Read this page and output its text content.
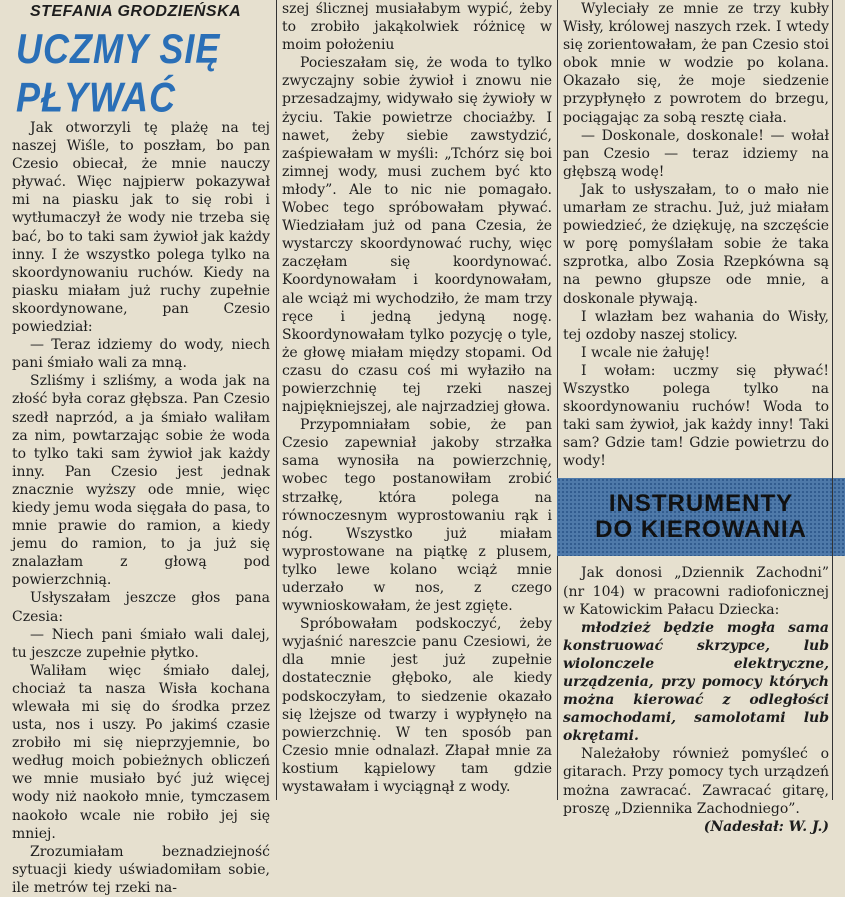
STEFANIA GRODZIEŃSKA
UCZMY SIĘ PŁYWAĆ

Jak otworzyli tę plażę na tej naszej Wiśle, to poszłam, bo pan Czesio obiecał, że mnie nauczy pływać. Więc najpierw pokazywał mi na piasku jak to się robi i wytłumaczył że wody nie trzeba się bać, bo to taki sam żywioł jak każdy inny. I że wszystko polega tylko na skoordynowaniu ruchów. Kiedy na piasku miałam już ruchy zupełnie skoordynowane, pan Czesio powiedział:

— Teraz idziemy do wody, niech pani śmiało wali za mną.

Szliśmy i szliśmy, a woda jak na złość była coraz głębsza. Pan Czesio szedł naprzód, a ja śmiało waliłam za nim, powtarzając sobie że woda to tylko taki sam żywioł jak każdy inny. Pan Czesio jest jednak znacznie wyższy ode mnie, więc kiedy jemu woda sięgała do pasa, to mnie prawie do ramion, a kiedy jemu do ramion, to ja już się znalazłam z głową pod powierzchnią.

Usłyszałam jeszcze głos pana Czesia:

— Niech pani śmiało wali dalej, tu jeszcze zupełnie płytko.

Waliłam więc śmiało dalej, chociaż ta nasza Wisła kochana wlewała mi się do środka przez usta, nos i uszy. Po jakimś czasie zrobiło mi się nieprzyjemnie, bo według moich pobieżnych obliczeń we mnie musiało być już więcej wody niż naokoło mnie, tymczasem naokoło wcale nie robiło jej się mniej.

Zrozumiałam beznadziejność sytuacji kiedy uświadomiłam sobie, ile metrów tej rzeki na-

szej ślicznej musiałabym wypić, żeby to zrobiło jakąkolwiek różnicę w moim położeniu

Pocieszałam się, że woda to tylko zwyczajny sobie żywioł i znowu nie przesadzajmy, widywało się żywioły w życiu. Takie powietrze chociażby. I nawet, żeby siebie zawstydzić, zaśpiewałam w myśli: „Tchórz się boi zimnej wody, musi zuchem być kto młody”. Ale to nic nie pomagało. Wobec tego spróbowałam pływać. Wiedziałam już od pana Czesia, że wystarczy skoordynować ruchy, więc zaczęłam się koordynować. Koordynowałam i koordynowałam, ale wciąż mi wychodziło, że mam trzy ręce i jedną jedyną nogę. Skoordynowałam tylko pozycję o tyle, że głowę miałam między stopami. Od czasu do czasu coś mi wyłaziło na powierzchnię tej rzeki naszej najpiękniejszej, ale najrzadziej głowa.

Przypomniałam sobie, że pan Czesio zapewniał jakoby strzałka sama wynosiła na powierzchnię, wobec tego postanowiłam zrobić strzałkę, która polega na równoczesnym wyprostowaniu rąk i nóg. Wszystko już miałam wyprostowane na piątkę z plusem, tylko lewe kolano wciąż mnie uderzało w nos, z czego wywnioskowałam, że jest zgięte.

Spróbowałam podskoczyć, żeby wyjaśnić nareszcie panu Czesiowi, że dla mnie jest już zupełnie dostatecznie głęboko, ale kiedy podskoczyłam, to siedzenie okazało się lżejsze od twarzy i wypłynęło na powierzchnię. W ten sposób pan Czesio mnie odnalazł. Złapał mnie za kostium kąpielowy tam gdzie wystawałam i wyciągnął z wody.

Wyleciały ze mnie ze trzy kubły Wisły, królowej naszych rzek. I wtedy się zorientowałam, że pan Czesio stoi obok mnie w wodzie po kolana. Okazało się, że moje siedzenie przypłynęło z powrotem do brzegu, pociągając za sobą resztę ciała.

— Doskonale, doskonale! — wołał pan Czesio — teraz idziemy na głębszą wodę!

Jak to usłyszałam, to o mało nie umarłam ze strachu. Już, już miałam powiedzieć, że dziękuję, na szczęście w porę pomyślałam sobie że taka szprotka, albo Zosia Rzepkówna są na pewno głupsze ode mnie, a doskonale pływają.

I wlazłam bez wahania do Wisły, tej ozdoby naszej stolicy.

I wcale nie żałuję!

I wołam: uczmy się pływać! Wszystko polega tylko na skoordynowaniu ruchów! Woda to taki sam żywioł, jak każdy inny! Taki sam? Gdzie tam! Gdzie powietrzu do wody!

INSTRUMENTY
DO KIEROWANIA

Jak donosi „Dziennik Zachodni” (nr 104) w pracowni radiofonicznej w Katowickim Pałacu Dziecka:

młodzież będzie mogła sama konstruować skrzypce, lub wiolonczele elektryczne, urządzenia, przy pomocy których można kierować z odległości samochodami, samolotami lub okrętami.

Należałoby również pomyśleć o gitarach. Przy pomocy tych urządzeń można zawracać. Zawracać gitarę, proszę „Dziennika Zachodniego”.

(Nadesłał: W. J.)
